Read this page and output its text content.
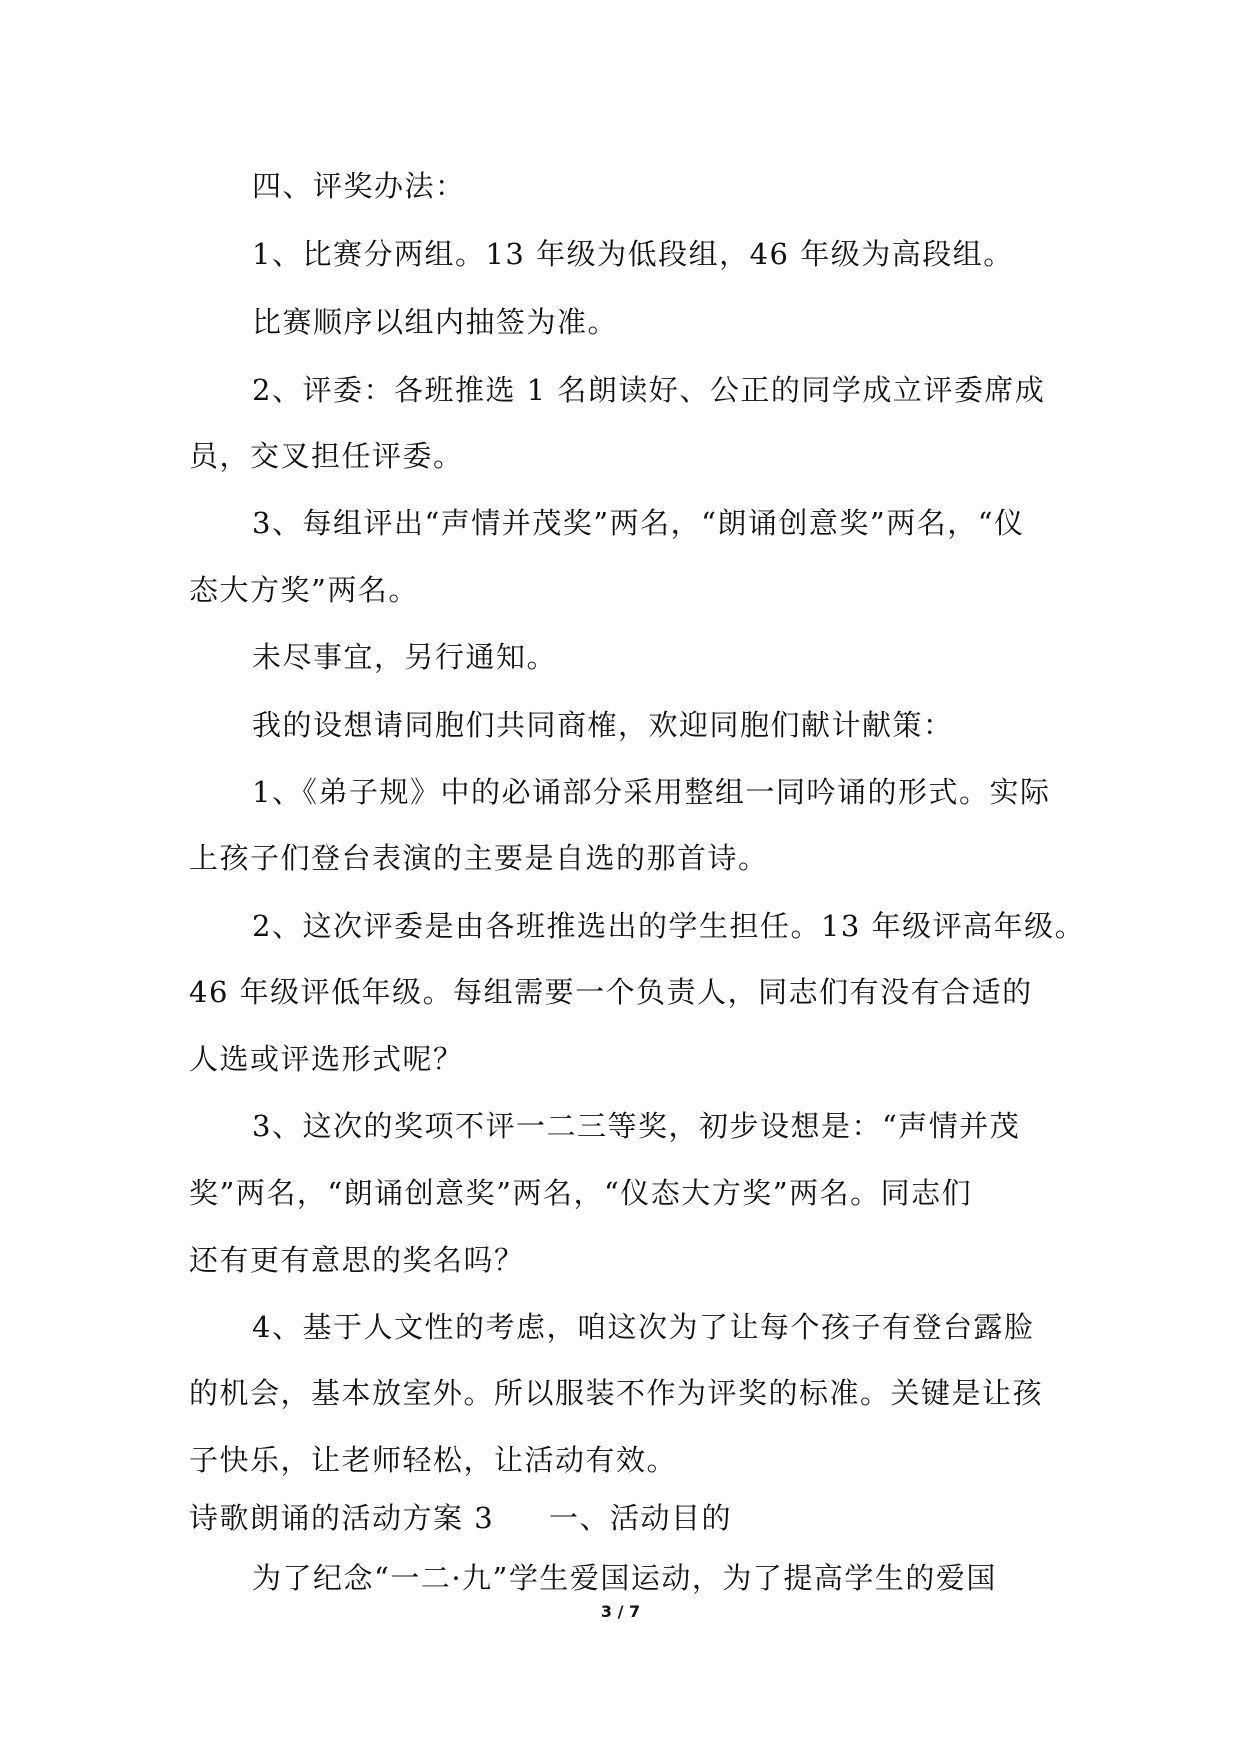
四、评奖办法：
1、比赛分两组。13 年级为低段组，46 年级为高段组。
比赛顺序以组内抽签为准。
2、评委：各班推选 1 名朗读好、公正的同学成立评委席成
员，交叉担任评委。
3、每组评出“声情并茂奖”两名，“朗诵创意奖”两名，“仪
态大方奖”两名。
未尽事宜，另行通知。
我的设想请同胞们共同商榷，欢迎同胞们献计献策：
1、《弟子规》中的必诵部分采用整组一同吟诵的形式。实际
上孩子们登台表演的主要是自选的那首诗。
2、这次评委是由各班推选出的学生担任。13 年级评高年级。
46 年级评低年级。每组需要一个负责人，同志们有没有合适的
人选或评选形式呢？
3、这次的奖项不评一二三等奖，初步设想是：“声情并茂
奖”两名，“朗诵创意奖”两名，“仪态大方奖”两名。同志们
还有更有意思的奖名吗？
4、基于人文性的考虑，咱这次为了让每个孩子有登台露脸
的机会，基本放室外。所以服装不作为评奖的标准。关键是让孩
子快乐，让老师轻松，让活动有效。
诗歌朗诵的活动方案 3 一、活动目的
为了纪念“一二·九”学生爱国运动，为了提高学生的爱国
3 / 7
